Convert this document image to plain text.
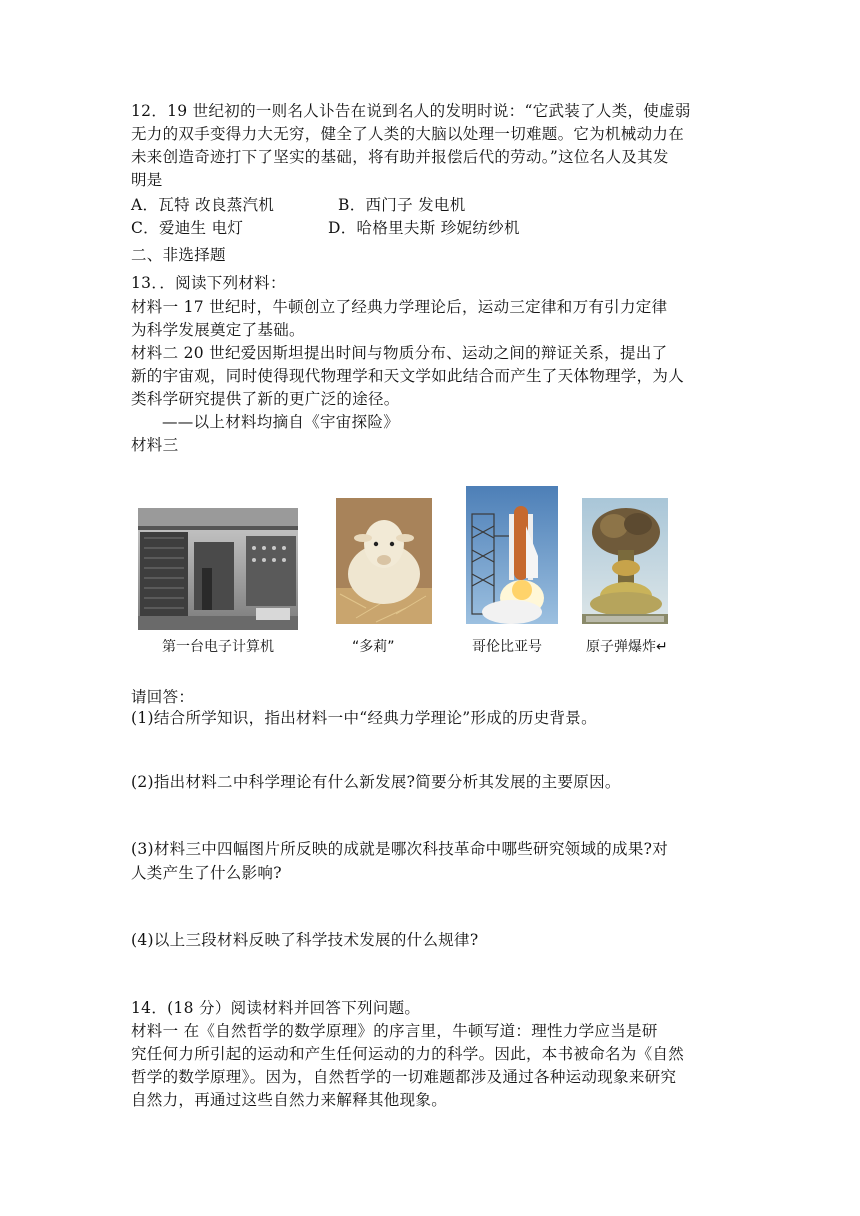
12．19 世纪初的一则名人讣告在说到名人的发明时说：“它武装了人类，使虚弱
无力的双手变得力大无穷，健全了人类的大脑以处理一切难题。它为机械动力在
未来创造奇迹打下了坚实的基础，将有助并报偿后代的劳动。”这位名人及其发
明是
A．瓦特 改良蒸汽机	B．西门子 发电机
C．爱迪生 电灯	D．哈格里夫斯 珍妮纺纱机
二、非选择题
13．．阅读下列材料：
材料一 17 世纪时，牛顿创立了经典力学理论后，运动三定律和万有引力定律
为科学发展奠定了基础。
材料二 20 世纪爱因斯坦提出时间与物质分布、运动之间的辩证关系，提出了
新的宇宙观，同时使得现代物理学和天文学如此结合而产生了天体物理学，为人
类科学研究提供了新的更广泛的途径。
——以上材料均摘自《宇宙探险》
材料三
第一台电子计算机	“多莉”	哥伦比亚号	原子弹爆炸↵
请回答：
(1)结合所学知识，指出材料一中“经典力学理论”形成的历史背景。
(2)指出材料二中科学理论有什么新发展?简要分析其发展的主要原因。
(3)材料三中四幅图片所反映的成就是哪次科技革命中哪些研究领域的成果?对
人类产生了什么影响?
(4)以上三段材料反映了科学技术发展的什么规律?
14．(18 分）阅读材料并回答下列问题。
材料一 在《自然哲学的数学原理》的序言里，牛顿写道：理性力学应当是研
究任何力所引起的运动和产生任何运动的力的科学。因此，本书被命名为《自然
哲学的数学原理》。因为，自然哲学的一切难题都涉及通过各种运动现象来研究
自然力，再通过这些自然力来解释其他现象。
